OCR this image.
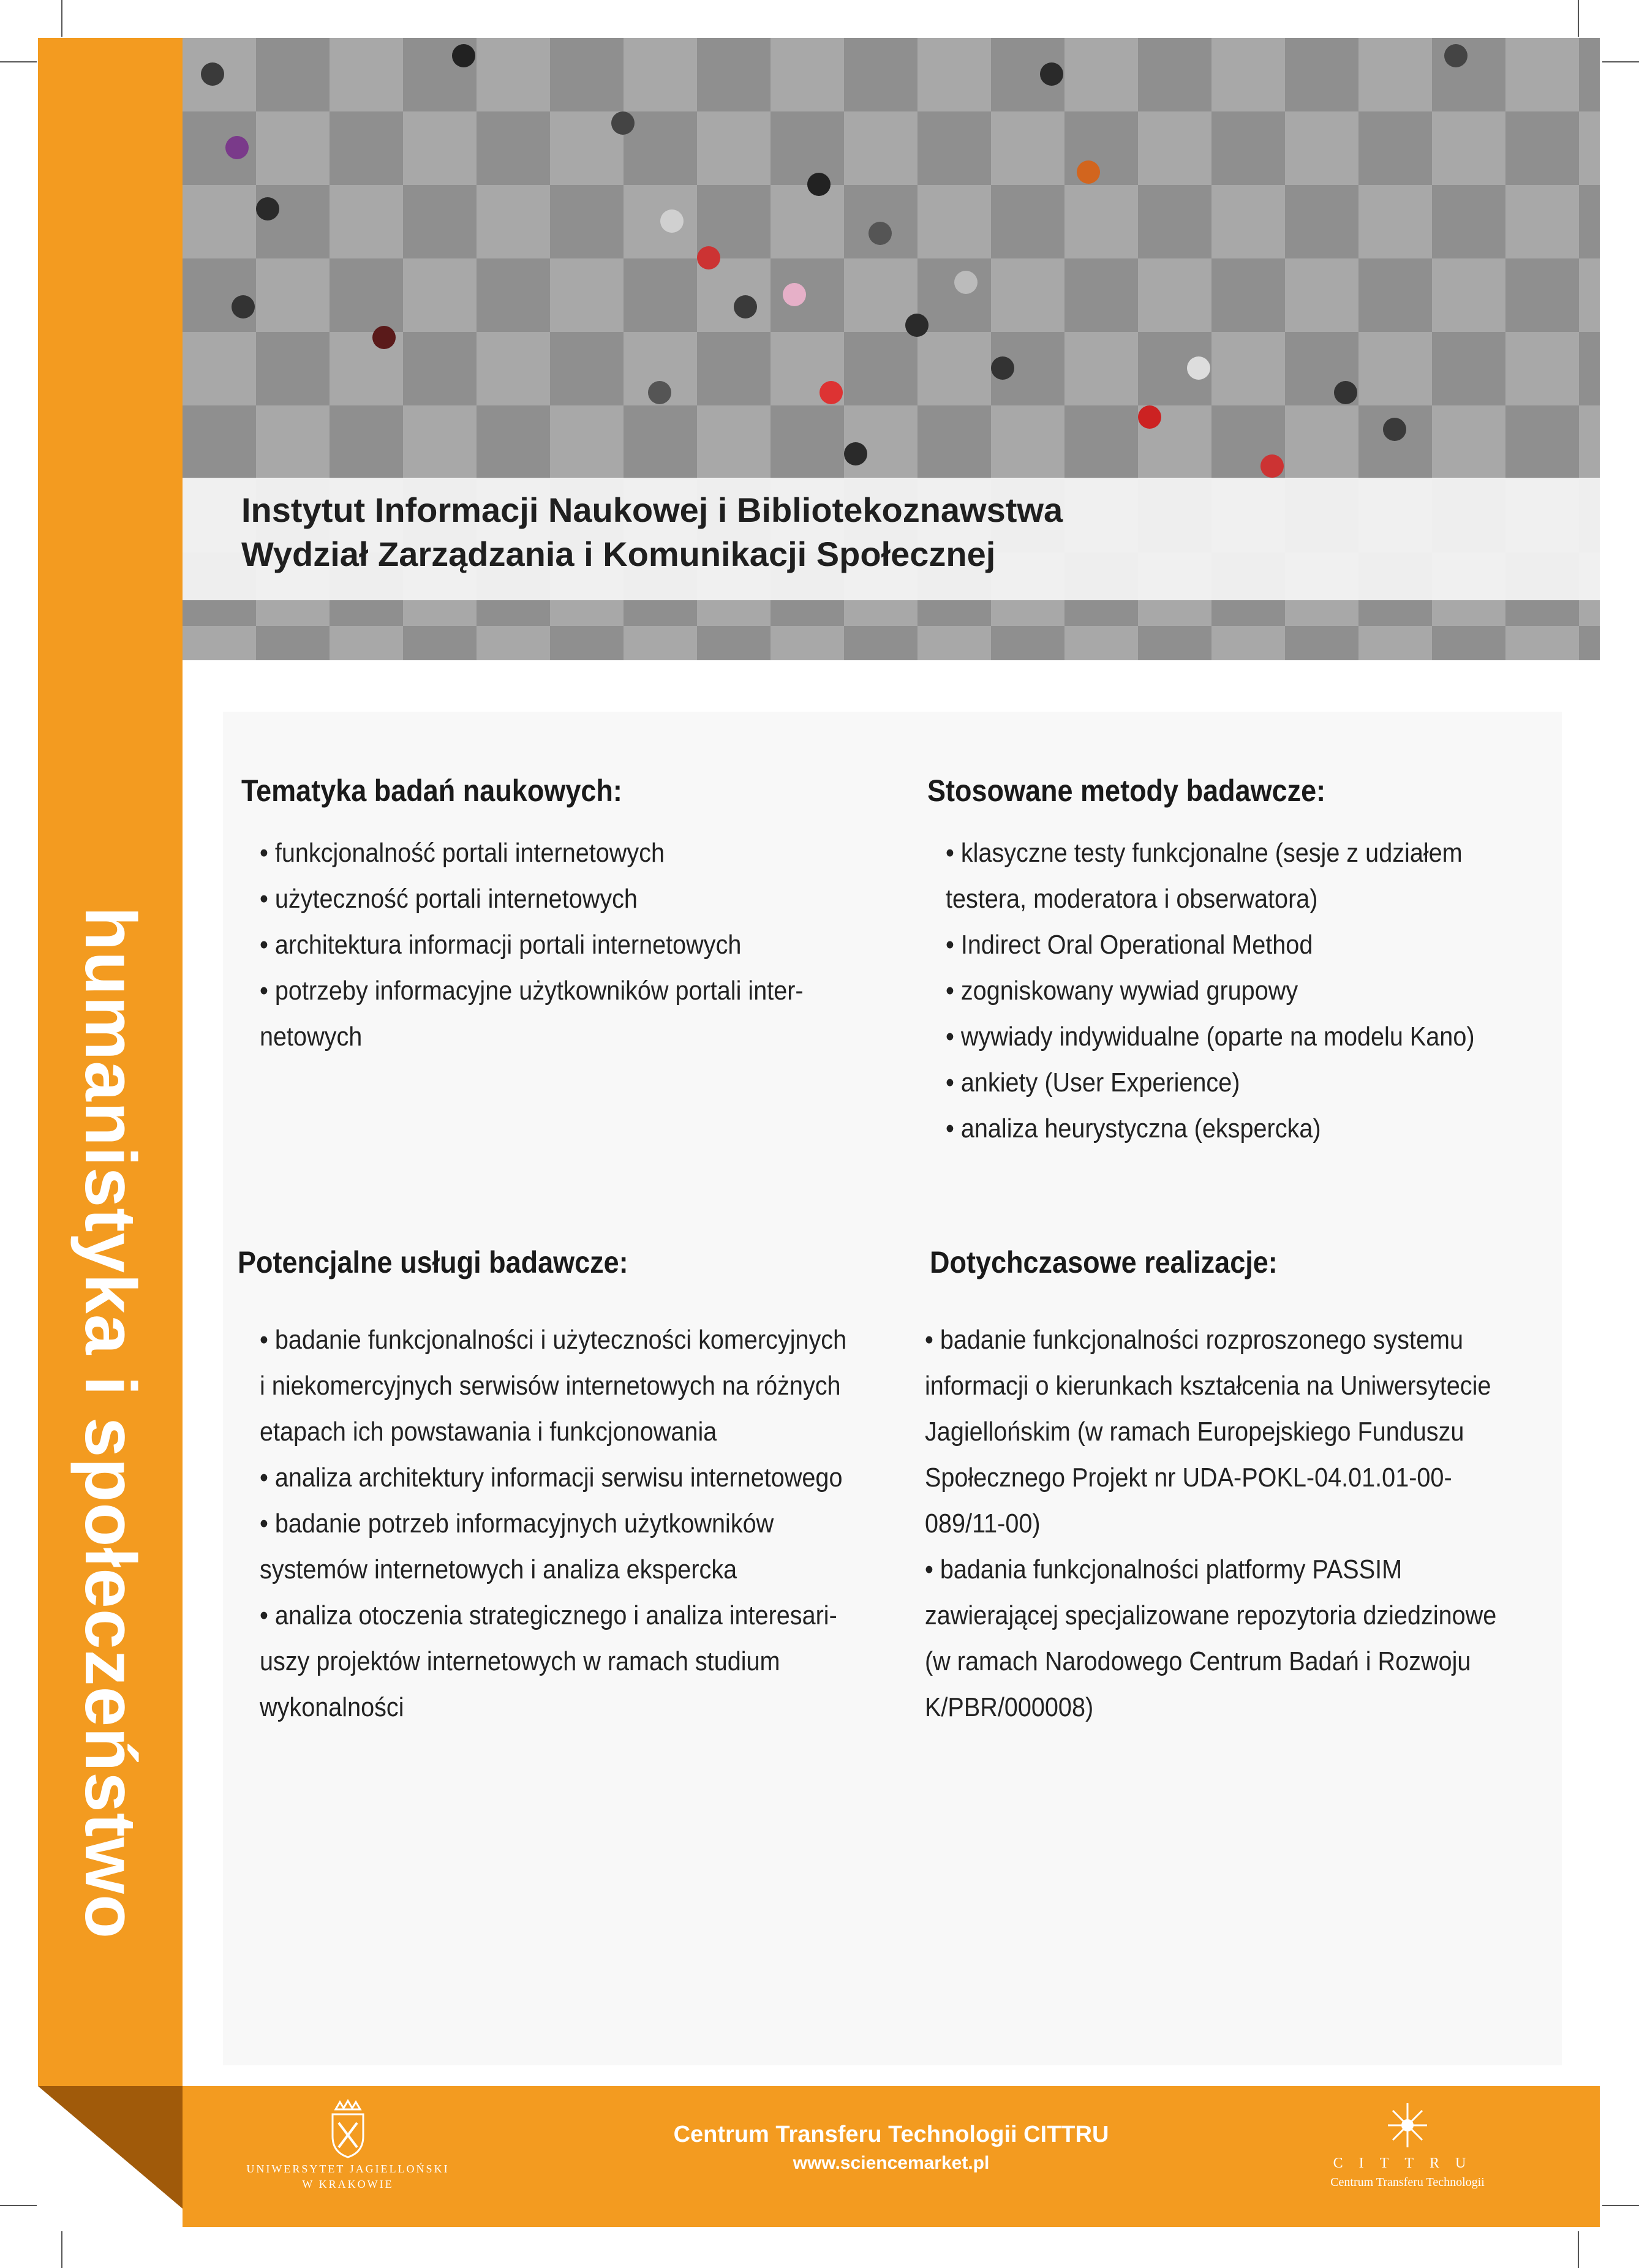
humanistyka i społeczeństwo
Instytut Informacji Naukowej i Bibliotekoznawstwa
Wydział Zarządzania i Komunikacji Społecznej
Tematyka badań naukowych:
• funkcjonalność portali internetowych
• użyteczność portali internetowych
• architektura informacji portali internetowych
• potrzeby informacyjne użytkowników portali inter-
netowych
Stosowane metody badawcze:
• klasyczne testy funkcjonalne (sesje z udziałem
testera, moderatora i obserwatora)
• Indirect Oral Operational Method
• zogniskowany wywiad grupowy
• wywiady indywidualne (oparte na modelu Kano)
• ankiety (User Experience)
• analiza heurystyczna (ekspercka)
Potencjalne usługi badawcze:
• badanie funkcjonalności i użyteczności komercyjnych
i niekomercyjnych serwisów internetowych na różnych
etapach ich powstawania i funkcjonowania
• analiza architektury informacji serwisu internetowego
• badanie potrzeb informacyjnych użytkowników
systemów internetowych i analiza ekspercka
• analiza otoczenia strategicznego i analiza interesari-
uszy projektów internetowych w ramach studium
wykonalności
Dotychczasowe realizacje:
• badanie funkcjonalności rozproszonego systemu
informacji o kierunkach kształcenia na Uniwersytecie
Jagiellońskim (w ramach Europejskiego Funduszu
Społecznego Projekt nr UDA-POKL-04.01.01-00-
089/11-00)
• badania funkcjonalności platformy PASSIM
zawierającej specjalizowane repozytoria dziedzinowe
(w ramach Narodowego Centrum Badań i Rozwoju
K/PBR/000008)
UNIWERSYTET JAGIELLOŃSKI
W KRAKOWIE
Centrum Transferu Technologii CITTRU
www.sciencemarket.pl	CITTRU
Centrum Transferu Technologii
